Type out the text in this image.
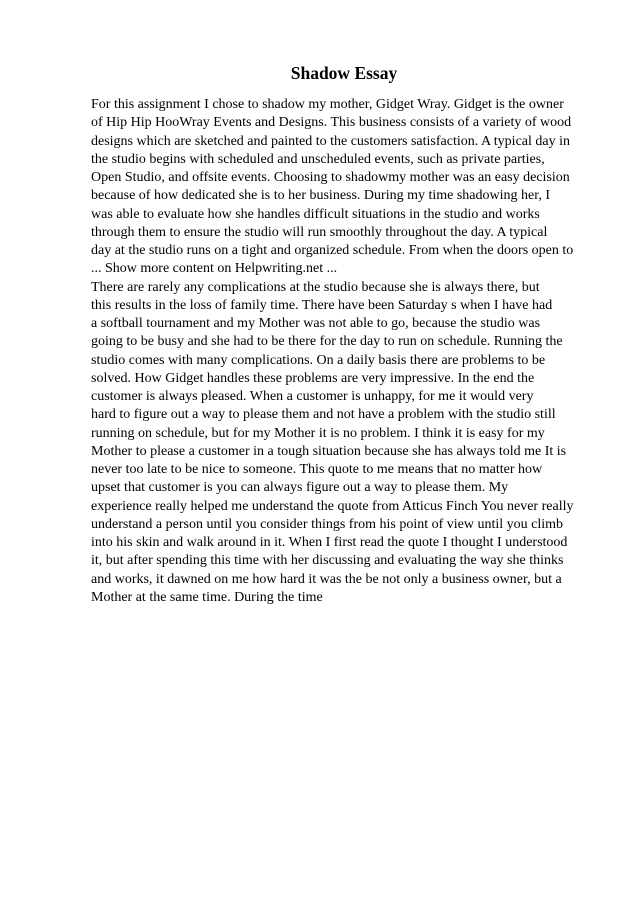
Shadow Essay
For this assignment I chose to shadow my mother, Gidget Wray. Gidget is the owner
of Hip Hip HooWray Events and Designs. This business consists of a variety of wood
designs which are sketched and painted to the customers satisfaction. A typical day in
the studio begins with scheduled and unscheduled events, such as private parties,
Open Studio, and offsite events. Choosing to shadowmy mother was an easy decision
because of how dedicated she is to her business. During my time shadowing her, I
was able to evaluate how she handles difficult situations in the studio and works
through them to ensure the studio will run smoothly throughout the day. A typical
day at the studio runs on a tight and organized schedule. From when the doors open to
... Show more content on Helpwriting.net ...
There are rarely any complications at the studio because she is always there, but
this results in the loss of family time. There have been Saturday s when I have had
a softball tournament and my Mother was not able to go, because the studio was
going to be busy and she had to be there for the day to run on schedule. Running the
studio comes with many complications. On a daily basis there are problems to be
solved. How Gidget handles these problems are very impressive. In the end the
customer is always pleased. When a customer is unhappy, for me it would very
hard to figure out a way to please them and not have a problem with the studio still
running on schedule, but for my Mother it is no problem. I think it is easy for my
Mother to please a customer in a tough situation because she has always told me It is
never too late to be nice to someone. This quote to me means that no matter how
upset that customer is you can always figure out a way to please them. My
experience really helped me understand the quote from Atticus Finch You never really
understand a person until you consider things from his point of view until you climb
into his skin and walk around in it. When I first read the quote I thought I understood
it, but after spending this time with her discussing and evaluating the way she thinks
and works, it dawned on me how hard it was the be not only a business owner, but a
Mother at the same time. During the time
